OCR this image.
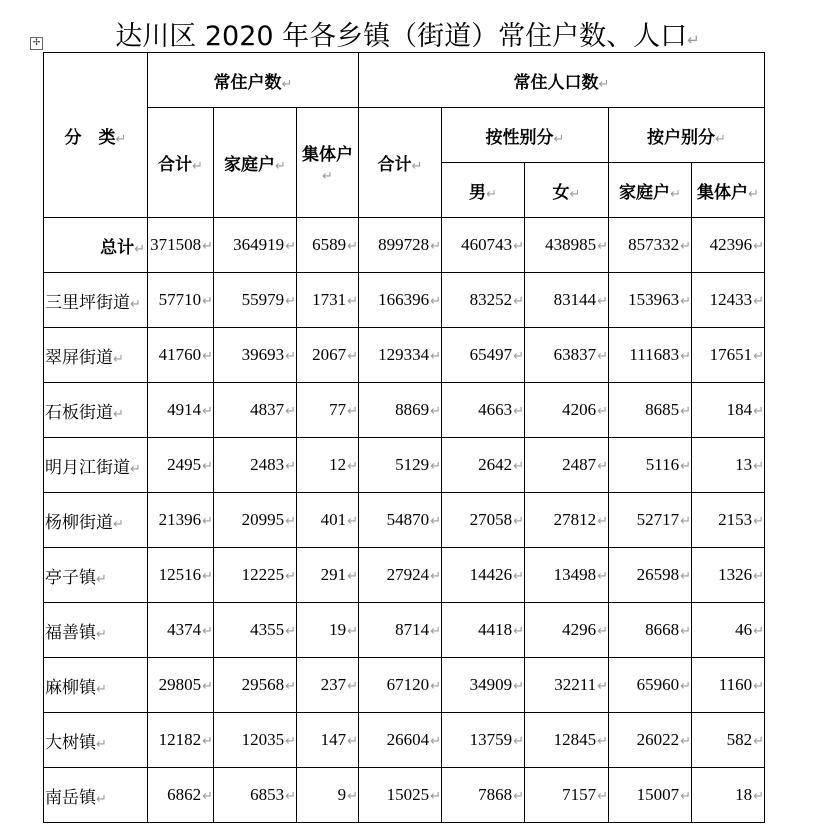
✢	达川区 2020 年各乡镇（街道）常住户数、人口↵
分　类↵	常住户数↵			常住人口数↵				
	合计↵	家庭户↵	集体户↵	合计↵	按性别分↵		按户别分↵	
					男↵	女↵	家庭户↵	集体户↵
总计↵	371508↵	364919↵	6589↵	899728↵	460743↵	438985↵	857332↵	42396↵
三里坪街道↵	57710↵	55979↵	1731↵	166396↵	83252↵	83144↵	153963↵	12433↵
翠屏街道↵	41760↵	39693↵	2067↵	129334↵	65497↵	63837↵	111683↵	17651↵
石板街道↵	4914↵	4837↵	77↵	8869↵	4663↵	4206↵	8685↵	184↵
明月江街道↵	2495↵	2483↵	12↵	5129↵	2642↵	2487↵	5116↵	13↵
杨柳街道↵	21396↵	20995↵	401↵	54870↵	27058↵	27812↵	52717↵	2153↵
亭子镇↵	12516↵	12225↵	291↵	27924↵	14426↵	13498↵	26598↵	1326↵
福善镇↵	4374↵	4355↵	19↵	8714↵	4418↵	4296↵	8668↵	46↵
麻柳镇↵	29805↵	29568↵	237↵	67120↵	34909↵	32211↵	65960↵	1160↵
大树镇↵	12182↵	12035↵	147↵	26604↵	13759↵	12845↵	26022↵	582↵
南岳镇↵	6862↵	6853↵	9↵	15025↵	7868↵	7157↵	15007↵	18↵
